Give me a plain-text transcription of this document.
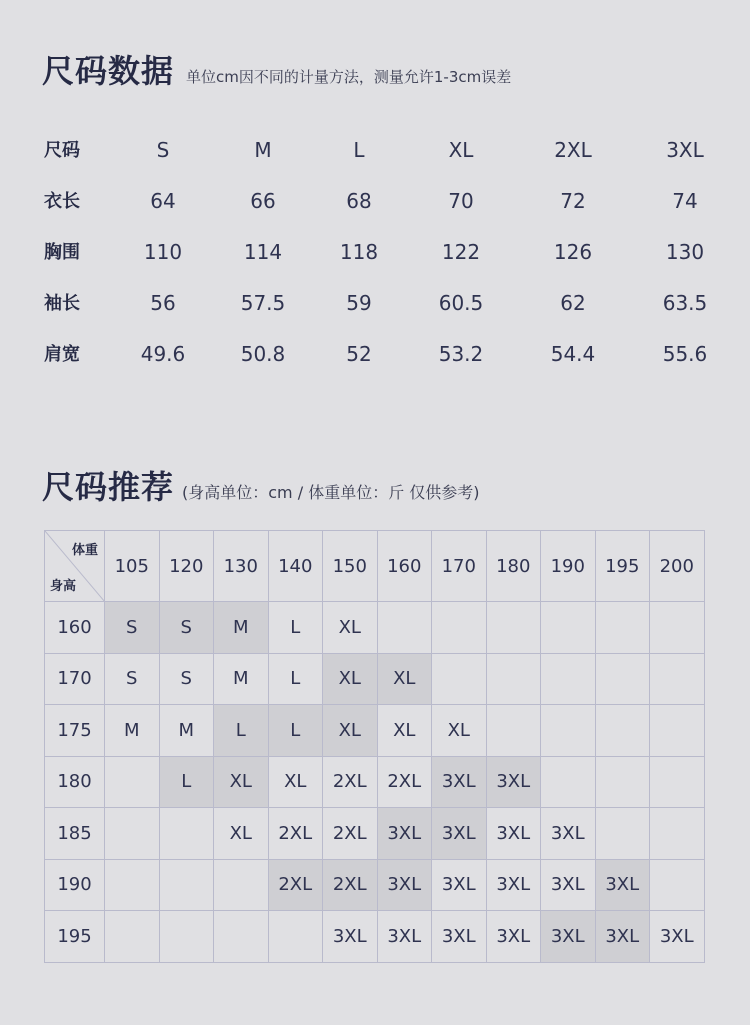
尺码数据 单位cm因不同的计量方法，测量允许1-3cm误差
尺码	S	M	L	XL	2XL	3XL
衣长	64	66	68	70	72	74
胸围	110	114	118	122	126	130
袖长	56	57.5	59	60.5	62	63.5
肩宽	49.6	50.8	52	53.2	54.4	55.6
尺码推荐 (身高单位：cm / 体重单位：斤 仅供参考)
体重
身高	105	120	130	140	150	160	170	180	190	195	200
160	S	S	M	L	XL						
170	S	S	M	L	XL	XL					
175	M	M	L	L	XL	XL	XL				
180		L	XL	XL	2XL	2XL	3XL	3XL			
185			XL	2XL	2XL	3XL	3XL	3XL	3XL		
190				2XL	2XL	3XL	3XL	3XL	3XL	3XL	
195					3XL	3XL	3XL	3XL	3XL	3XL	3XL
